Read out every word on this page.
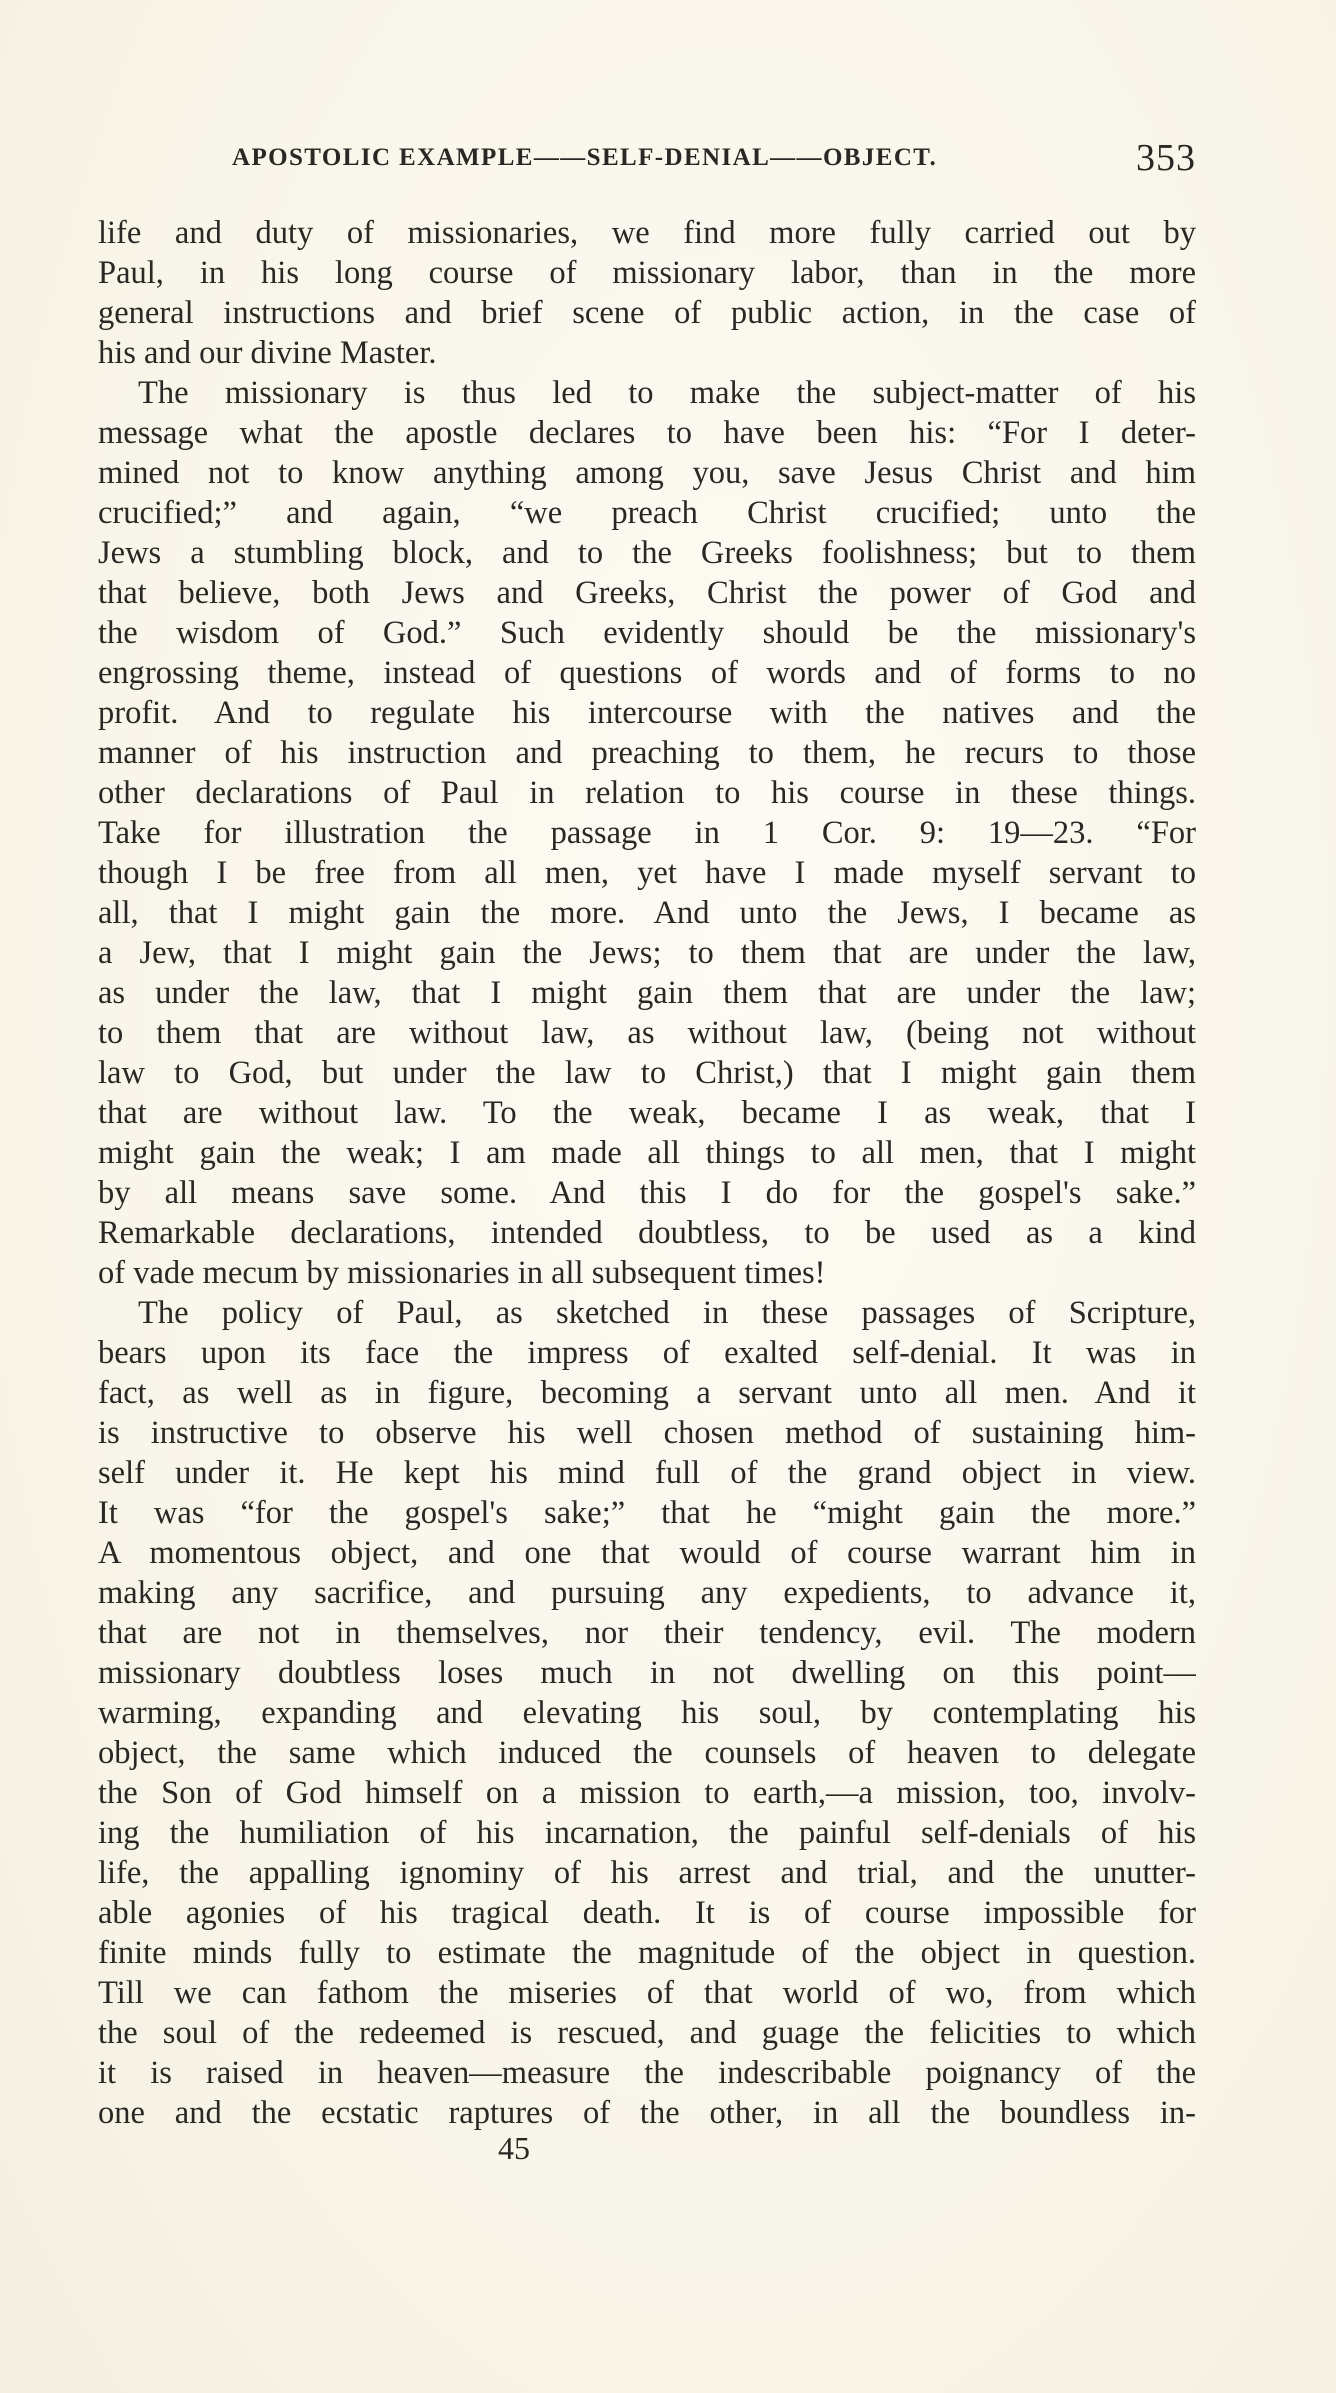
APOSTOLIC EXAMPLE——SELF-DENIAL——OBJECT.	353
life and duty of missionaries, we find more fully carried out by
Paul, in his long course of missionary labor, than in the more
general instructions and brief scene of public action, in the case of
his and our divine Master.
The missionary is thus led to make the subject-matter of his
message what the apostle declares to have been his: “For I deter-
mined not to know anything among you, save Jesus Christ and him
crucified;” and again, “we preach Christ crucified; unto the
Jews a stumbling block, and to the Greeks foolishness; but to them
that believe, both Jews and Greeks, Christ the power of God and
the wisdom of God.” Such evidently should be the missionary's
engrossing theme, instead of questions of words and of forms to no
profit. And to regulate his intercourse with the natives and the
manner of his instruction and preaching to them, he recurs to those
other declarations of Paul in relation to his course in these things.
Take for illustration the passage in 1 Cor. 9: 19—23. “For
though I be free from all men, yet have I made myself servant to
all, that I might gain the more. And unto the Jews, I became as
a Jew, that I might gain the Jews; to them that are under the law,
as under the law, that I might gain them that are under the law;
to them that are without law, as without law, (being not without
law to God, but under the law to Christ,) that I might gain them
that are without law. To the weak, became I as weak, that I
might gain the weak; I am made all things to all men, that I might
by all means save some. And this I do for the gospel's sake.”
Remarkable declarations, intended doubtless, to be used as a kind
of vade mecum by missionaries in all subsequent times!
The policy of Paul, as sketched in these passages of Scripture,
bears upon its face the impress of exalted self-denial. It was in
fact, as well as in figure, becoming a servant unto all men. And it
is instructive to observe his well chosen method of sustaining him-
self under it. He kept his mind full of the grand object in view.
It was “for the gospel's sake;” that he “might gain the more.”
A momentous object, and one that would of course warrant him in
making any sacrifice, and pursuing any expedients, to advance it,
that are not in themselves, nor their tendency, evil. The modern
missionary doubtless loses much in not dwelling on this point—
warming, expanding and elevating his soul, by contemplating his
object, the same which induced the counsels of heaven to delegate
the Son of God himself on a mission to earth,—a mission, too, involv-
ing the humiliation of his incarnation, the painful self-denials of his
life, the appalling ignominy of his arrest and trial, and the unutter-
able agonies of his tragical death. It is of course impossible for
finite minds fully to estimate the magnitude of the object in question.
Till we can fathom the miseries of that world of wo, from which
the soul of the redeemed is rescued, and guage the felicities to which
it is raised in heaven—measure the indescribable poignancy of the
one and the ecstatic raptures of the other, in all the boundless in-
45
